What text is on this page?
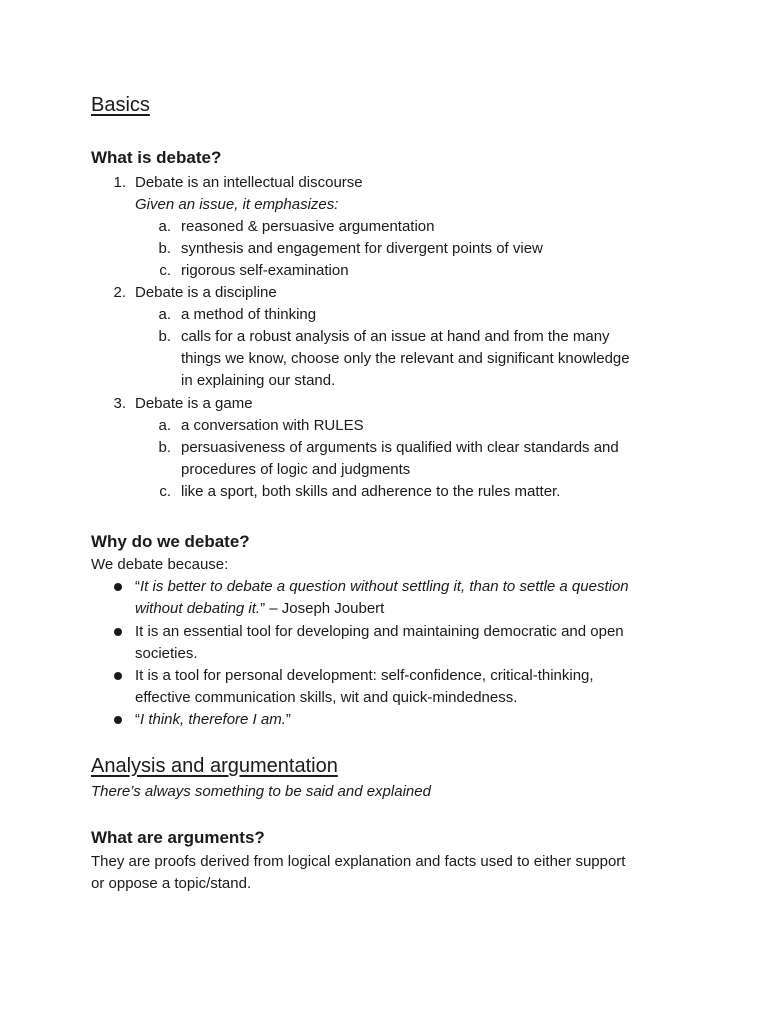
Basics
What is debate?
1. Debate is an intellectual discourse

Given an issue, it emphasizes:

a. reasoned & persuasive argumentation

b. synthesis and engagement for divergent points of view

c. rigorous self-examination

2. Debate is a discipline

a. a method of thinking

b. calls for a robust analysis of an issue at hand and from the many

things we know, choose only the relevant and significant knowledge

in explaining our stand.

3. Debate is a game

a. a conversation with RULES

b. persuasiveness of arguments is qualified with clear standards and

procedures of logic and judgments

c. like a sport, both skills and adherence to the rules matter.

Why do we debate?

We debate because:

“It is better to debate a question without settling it, than to settle a question

without debating it.” – Joseph Joubert

It is an essential tool for developing and maintaining democratic and open

societies.

It is a tool for personal development: self-confidence, critical-thinking,

effective communication skills, wit and quick-mindedness.

“I think, therefore I am.”

Analysis and argumentation

There’s always something to be said and explained

What are arguments?

They are proofs derived from logical explanation and facts used to either support

or oppose a topic/stand.
